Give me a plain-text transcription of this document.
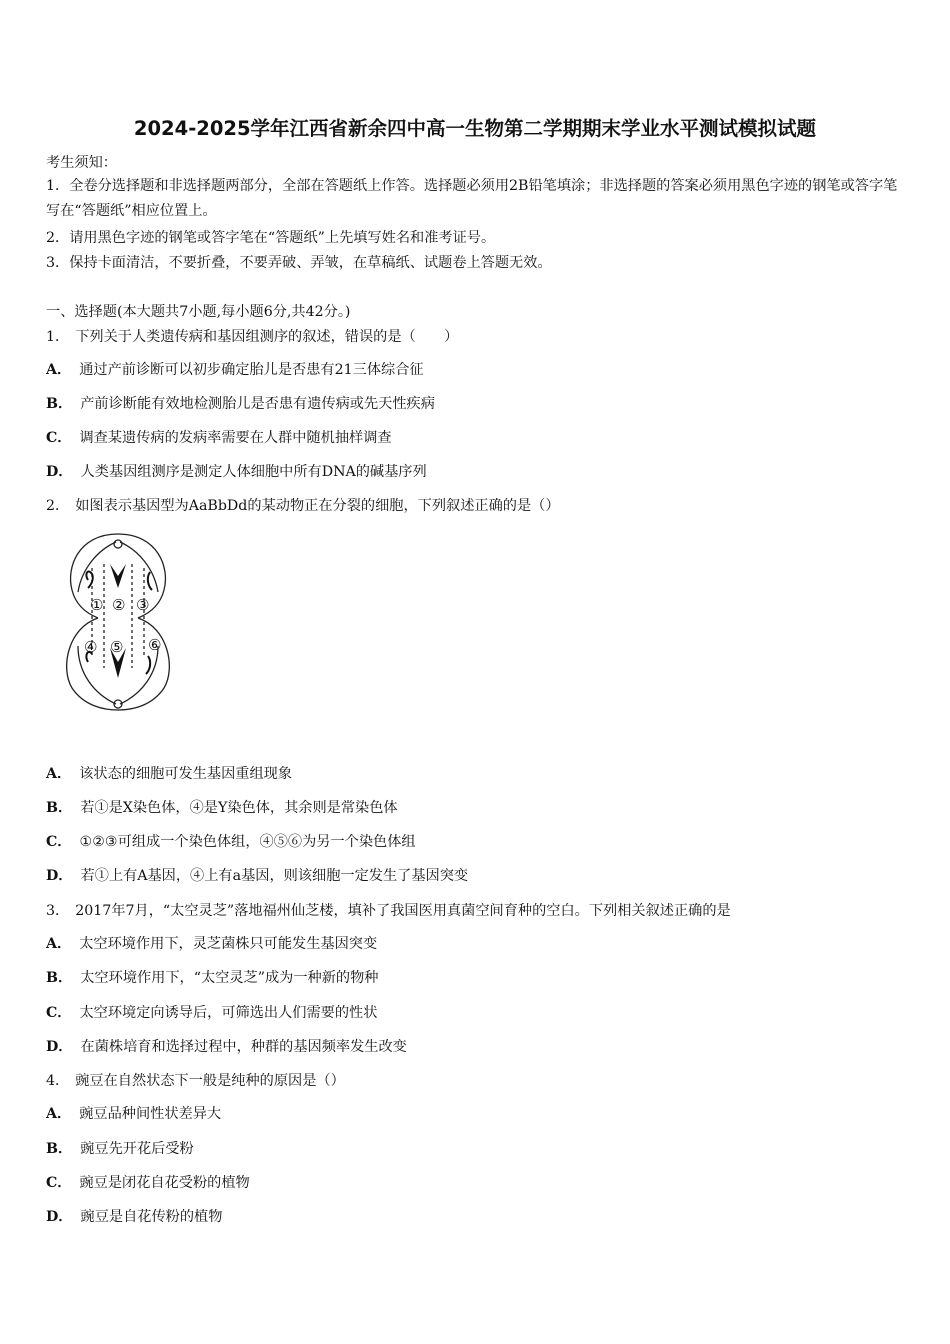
2024-2025学年江西省新余四中高一生物第二学期期末学业水平测试模拟试题
考生须知：
1．全卷分选择题和非选择题两部分，全部在答题纸上作答。选择题必须用2B铅笔填涂；非选择题的答案必须用黑色字迹的钢笔或答字笔写在“答题纸”相应位置上。
2．请用黑色字迹的钢笔或答字笔在“答题纸”上先填写姓名和准考证号。
3．保持卡面清洁，不要折叠，不要弄破、弄皱，在草稿纸、试题卷上答题无效。
一、选择题(本大题共7小题,每小题6分,共42分。)
1． 下列关于人类遗传病和基因组测序的叙述，错误的是（　　）
A． 通过产前诊断可以初步确定胎儿是否患有21三体综合征
B． 产前诊断能有效地检测胎儿是否患有遗传病或先天性疾病
C． 调查某遗传病的发病率需要在人群中随机抽样调查
D． 人类基因组测序是测定人体细胞中所有DNA的碱基序列
2． 如图表示基因型为AaBbDd的某动物正在分裂的细胞，下列叙述正确的是（）
① ② ③
④ ⑤ ⑥
A． 该状态的细胞可发生基因重组现象
B． 若①是X染色体，④是Y染色体，其余则是常染色体
C． ①②③可组成一个染色体组，④⑤⑥为另一个染色体组
D． 若①上有A基因，④上有a基因，则该细胞一定发生了基因突变
3． 2017年7月，“太空灵芝”落地福州仙芝楼，填补了我国医用真菌空间育种的空白。下列相关叙述正确的是
A． 太空环境作用下，灵芝菌株只可能发生基因突变
B． 太空环境作用下，“太空灵芝”成为一种新的物种
C． 太空环境定向诱导后，可筛选出人们需要的性状
D． 在菌株培育和选择过程中，种群的基因频率发生改变
4． 豌豆在自然状态下一般是纯种的原因是（）
A． 豌豆品种间性状差异大
B． 豌豆先开花后受粉
C． 豌豆是闭花自花受粉的植物
D． 豌豆是自花传粉的植物
